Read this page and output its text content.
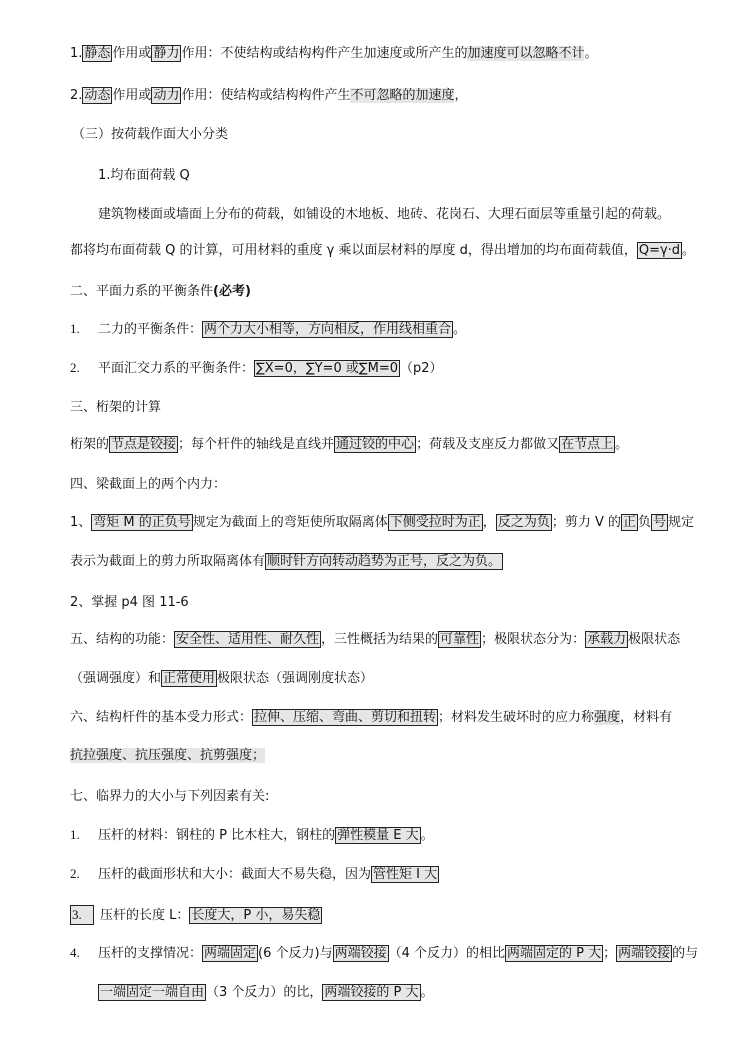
1. 静态 作用或 静力 作用：不使结构或结构构件产生加速度或所产生的加速度可以忽略不计。
2. 动态 作用或 动力 作用：使结构或结构构件产生不可忽略的加速度，
（三）按荷载作面大小分类
1.均布面荷载 Q
建筑物楼面或墙面上分布的荷载，如铺设的木地板、地砖、花岗石、大理石面层等重量引起的荷载。
都将均布面荷载 Q 的计算，可用材料的重度 γ 乘以面层材料的厚度 d，得出增加的均布面荷载值， Q=γ·d 。
二、平面力系的平衡条件(必考)
1. 二力的平衡条件： 两个力大小相等，方向相反，作用线相重合 。
2. 平面汇交力系的平衡条件： ∑X=0，∑Y=0 或∑M=0 （p2）
三、桁架的计算
桁架的 节点是铰接 ；每个杆件的轴线是直线并 通过铰的中心 ；荷载及支座反力都做又 在节点上 。
四、梁截面上的两个内力：
1、 弯矩 M 的正负号 规定为截面上的弯矩使所取隔离体 下侧受拉时为正 ， 反之为负 ；剪力 V 的 正 负 号 规定
表示为截面上的剪力所取隔离体有 顺时针方向转动趋势为正号，反之为负。
2、掌握 p4 图 11-6
五、结构的功能： 安全性、适用性、耐久性 ，三性概括为结果的 可靠性 ；极限状态分为： 承载力 极限状态
（强调强度）和 正常使用 极限状态（强调刚度状态）
六、结构杆件的基本受力形式： 拉伸、压缩、弯曲、剪切和扭转 ；材料发生破坏时的应力称强度，材料有
抗拉强度、抗压强度、抗剪强度；
七、临界力的大小与下列因素有关:
1. 压杆的材料：钢柱的 P 比木柱大，钢柱的 弹性模量 E 大 。
2. 压杆的截面形状和大小：截面大不易失稳，因为 管性矩 I 大
3. 压杆的长度 L： 长度大，P 小，易失稳
4. 压杆的支撑情况： 两端固定 (6 个反力)与 两端铰接 （4 个反力）的相比 两端固定的 P 大 ； 两端铰接 的与
一端固定一端自由 （3 个反力）的比， 两端铰接的 P 大 。
